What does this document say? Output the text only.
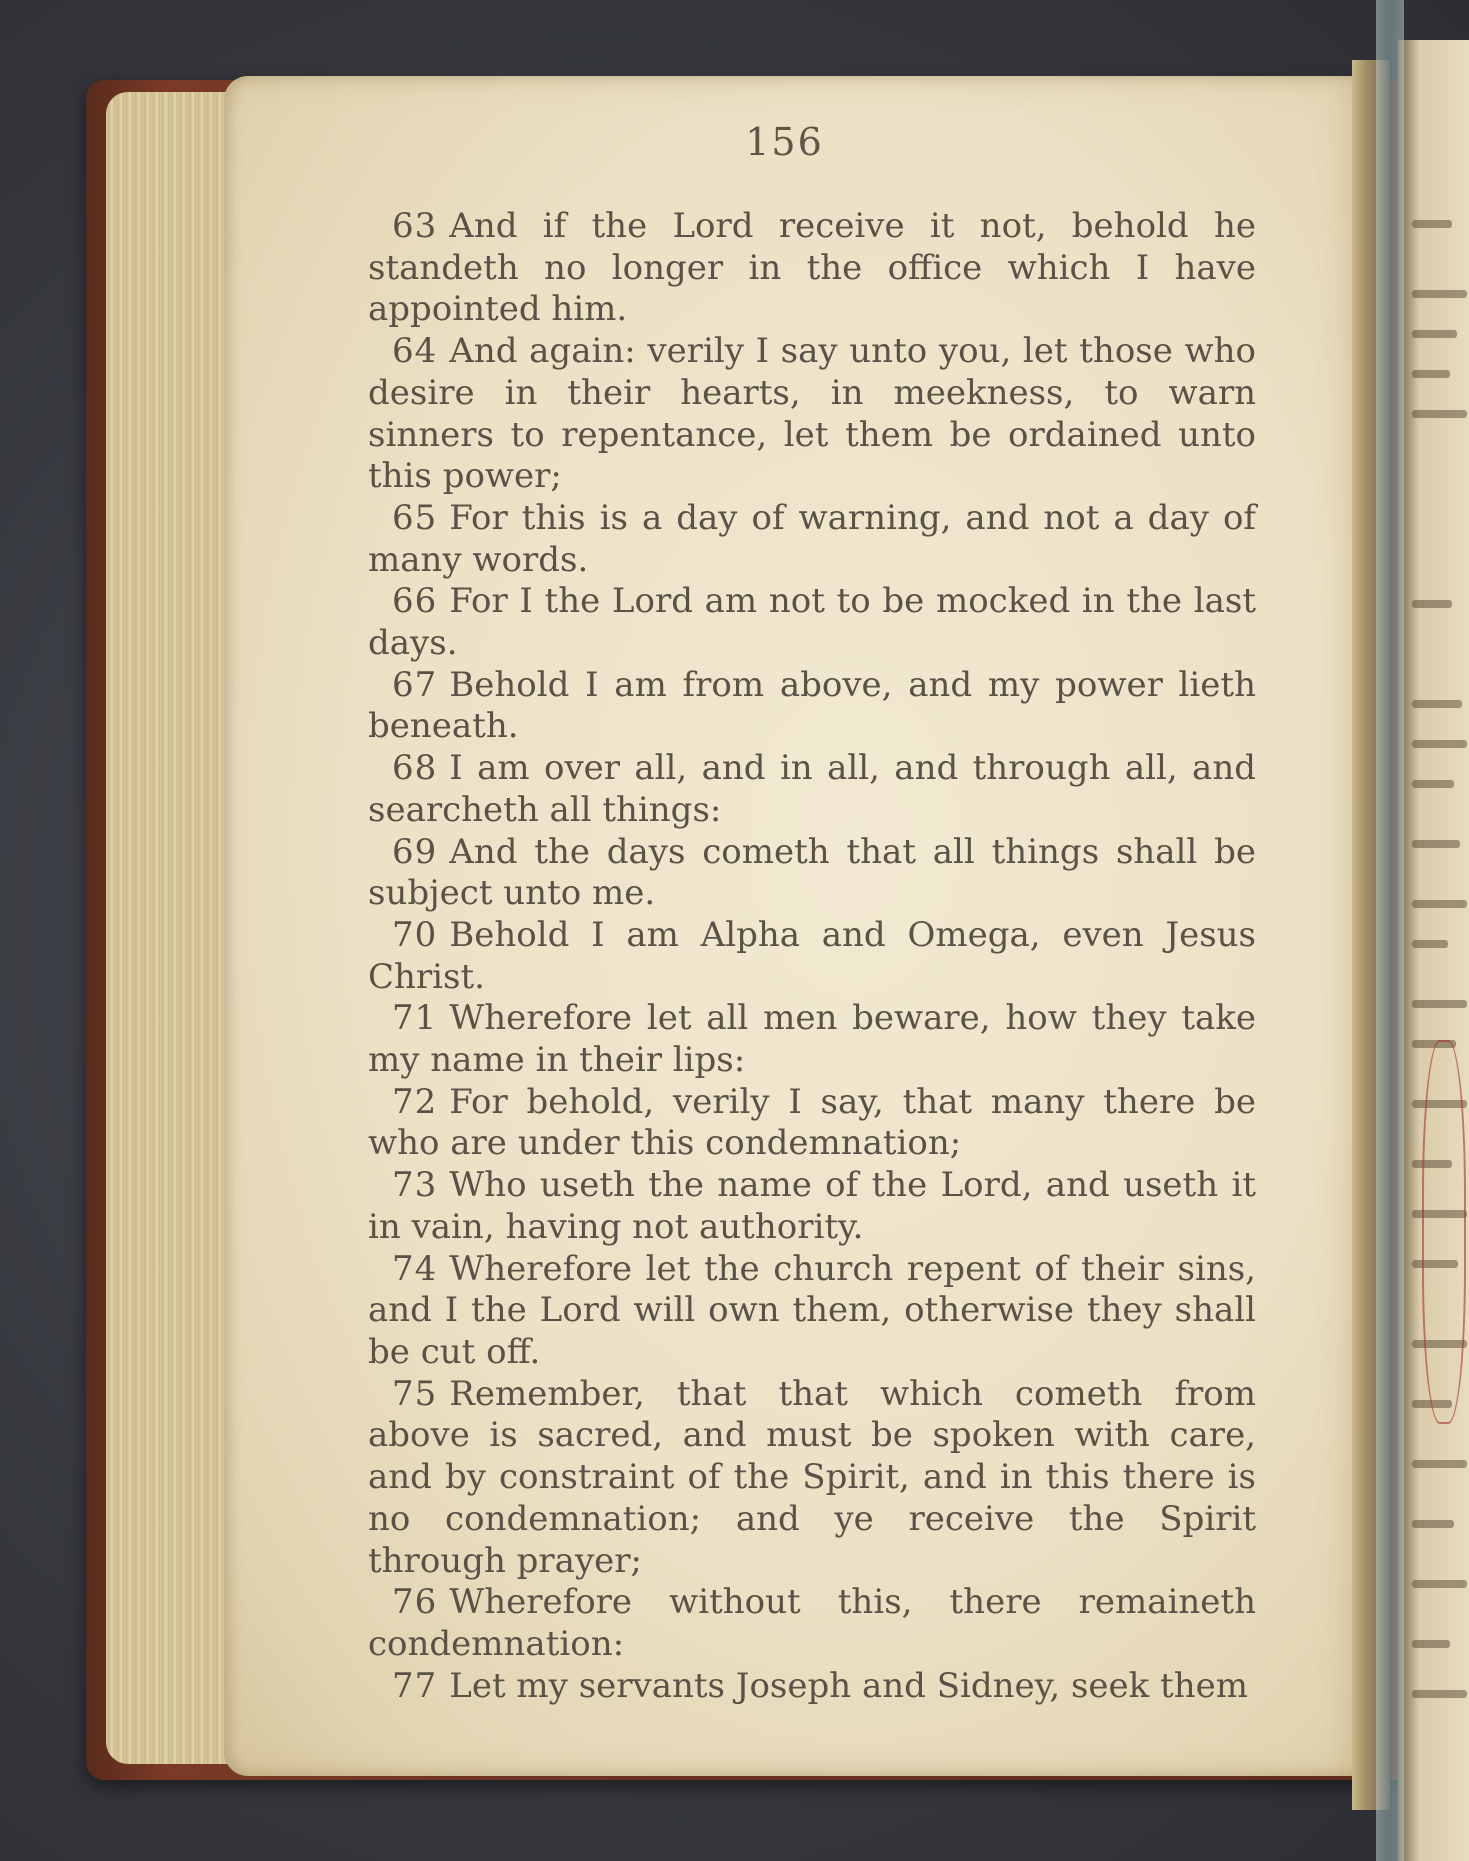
156
63 And if the Lord receive it not, behold he standeth no longer in the office which I have appointed him.
64 And again: verily I say unto you, let those who desire in their hearts, in meekness, to warn sinners to repentance, let them be ordained unto this power;
65 For this is a day of warning, and not a day of many words.
66 For I the Lord am not to be mocked in the last days.
67 Behold I am from above, and my power lieth beneath.
68 I am over all, and in all, and through all, and searcheth all things:
69 And the days cometh that all things shall be subject unto me.
70 Behold I am Alpha and Omega, even Jesus Christ.
71 Wherefore let all men beware, how they take my name in their lips:
72 For behold, verily I say, that many there be who are under this condemnation;
73 Who useth the name of the Lord, and useth it in vain, having not authority.
74 Wherefore let the church repent of their sins, and I the Lord will own them, otherwise they shall be cut off.
75 Remember, that that which cometh from above is sacred, and must be spoken with care, and by constraint of the Spirit, and in this there is no condemnation; and ye receive the Spirit through prayer;
76 Wherefore without this, there remaineth condemnation:
77 Let my servants Joseph and Sidney, seek them
